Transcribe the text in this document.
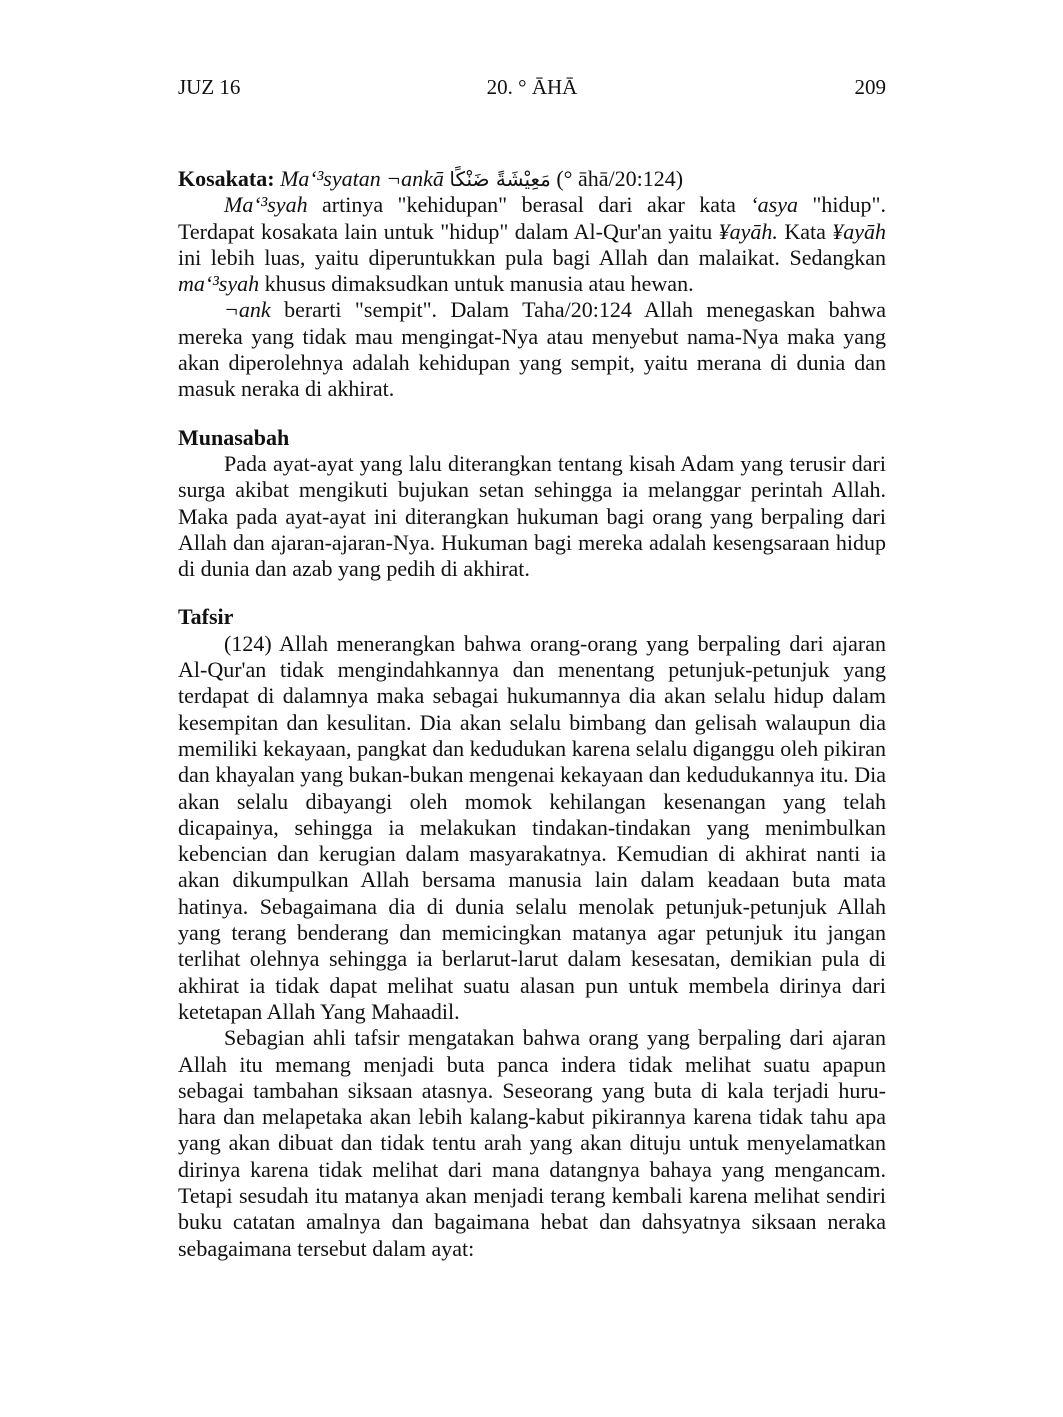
JUZ 16	20. ° ĀHĀ	209
Kosakata: Ma‘³syatan ¬ankā مَعِيْشَةً ضَنْكًا (° āhā/20:124)

Ma‘³syah artinya "kehidupan" berasal dari akar kata ‘asya "hidup". Terdapat kosakata lain untuk "hidup" dalam Al-Qur'an yaitu ¥ayāh. Kata ¥ayāh ini lebih luas, yaitu diperuntukkan pula bagi Allah dan malaikat. Sedangkan ma‘³syah khusus dimaksudkan untuk manusia atau hewan.

¬ank berarti "sempit". Dalam Taha/20:124 Allah menegaskan bahwa mereka yang tidak mau mengingat-Nya atau menyebut nama-Nya maka yang akan diperolehnya adalah kehidupan yang sempit, yaitu merana di dunia dan masuk neraka di akhirat.

Munasabah

Pada ayat-ayat yang lalu diterangkan tentang kisah Adam yang terusir dari surga akibat mengikuti bujukan setan sehingga ia melanggar perintah Allah. Maka pada ayat-ayat ini diterangkan hukuman bagi orang yang berpaling dari Allah dan ajaran-ajaran-Nya. Hukuman bagi mereka adalah kesengsaraan hidup di dunia dan azab yang pedih di akhirat.

Tafsir

(124) Allah menerangkan bahwa orang-orang yang berpaling dari ajaran Al-Qur'an tidak mengindahkannya dan menentang petunjuk-petunjuk yang terdapat di dalamnya maka sebagai hukumannya dia akan selalu hidup dalam kesempitan dan kesulitan. Dia akan selalu bimbang dan gelisah walaupun dia memiliki kekayaan, pangkat dan kedudukan karena selalu diganggu oleh pikiran dan khayalan yang bukan-bukan mengenai kekayaan dan kedudukannya itu. Dia akan selalu dibayangi oleh momok kehilangan kesenangan yang telah dicapainya, sehingga ia melakukan tindakan-tindakan yang menimbulkan kebencian dan kerugian dalam masyarakatnya. Kemudian di akhirat nanti ia akan dikumpulkan Allah bersama manusia lain dalam keadaan buta mata hatinya. Sebagaimana dia di dunia selalu menolak petunjuk-petunjuk Allah yang terang benderang dan memicingkan matanya agar petunjuk itu jangan terlihat olehnya sehingga ia berlarut-larut dalam kesesatan, demikian pula di akhirat ia tidak dapat melihat suatu alasan pun untuk membela dirinya dari ketetapan Allah Yang Mahaadil.

Sebagian ahli tafsir mengatakan bahwa orang yang berpaling dari ajaran Allah itu memang menjadi buta panca indera tidak melihat suatu apapun sebagai tambahan siksaan atasnya. Seseorang yang buta di kala terjadi huru-hara dan melapetaka akan lebih kalang-kabut pikirannya karena tidak tahu apa yang akan dibuat dan tidak tentu arah yang akan dituju untuk menyelamatkan dirinya karena tidak melihat dari mana datangnya bahaya yang mengancam. Tetapi sesudah itu matanya akan menjadi terang kembali karena melihat sendiri buku catatan amalnya dan bagaimana hebat dan dahsyatnya siksaan neraka sebagaimana tersebut dalam ayat:
